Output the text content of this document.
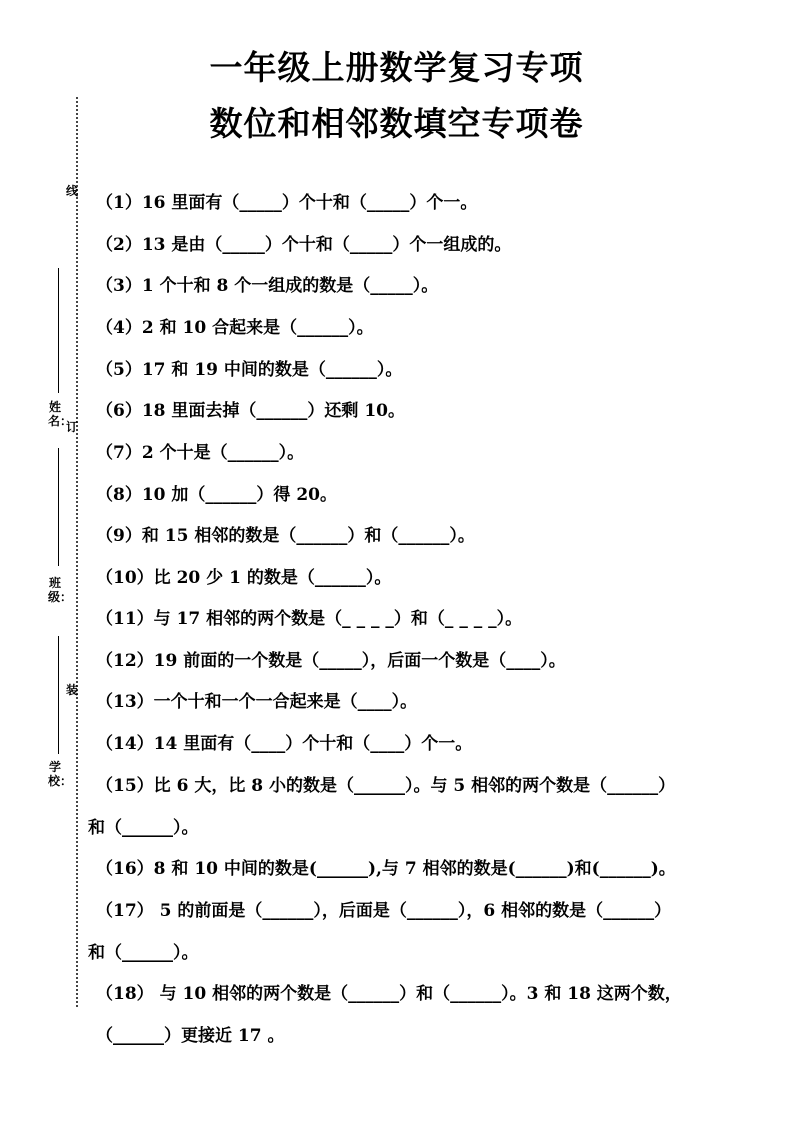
一年级上册数学复习专项
数位和相邻数填空专项卷
线
订
装
姓名：
班级：
学校：
（1）16 里面有（_____）个十和（_____）个一。
（2）13 是由（_____）个十和（_____）个一组成的。
（3）1 个十和 8 个一组成的数是（_____）。
（4）2 和 10 合起来是（______）。
（5）17 和 19 中间的数是（______）。
（6）18 里面去掉（______）还剩 10。
（7）2 个十是（______）。
（8）10 加（______）得 20。
（9）和 15 相邻的数是（______）和（______）。
（10）比 20 少 1 的数是（______）。
（11）与 17 相邻的两个数是（_ _ _ _）和（_ _ _ _）。
（12）19 前面的一个数是（_____），后面一个数是（____）。
（13）一个十和一个一合起来是（____）。
（14）14 里面有（____）个十和（____）个一。
（15）比 6 大，比 8 小的数是（______）。与 5 相邻的两个数是（______）
和（______）。
（16）8 和 10 中间的数是(______),与 7 相邻的数是(______)和(______)。
（17） 5 的前面是（______），后面是（______），6 相邻的数是（______）
和（______）。
（18） 与 10 相邻的两个数是（______）和（______）。3 和 18 这两个数，
（______）更接近 17 。
